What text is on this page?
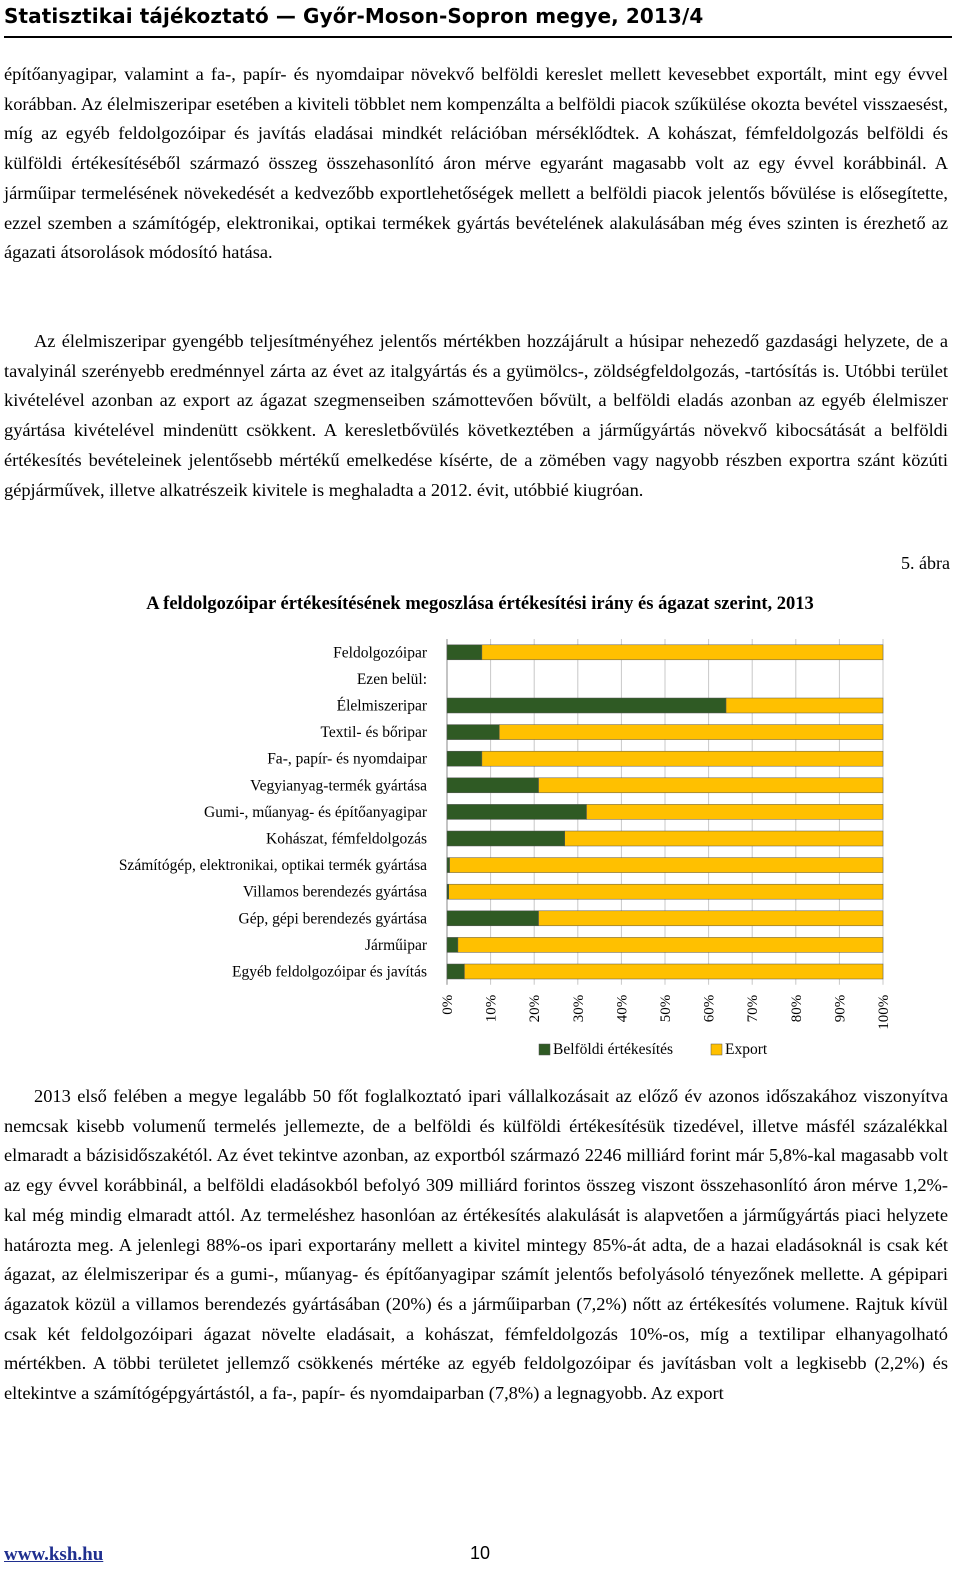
Statisztikai tájékoztató — Győr-Moson-Sopron megye, 2013/4
építőanyagipar, valamint a fa-, papír- és nyomdaipar növekvő belföldi kereslet mellett kevesebbet exportált, mint egy évvel korábban. Az élelmiszeripar esetében a kiviteli többlet nem kompenzálta a belföldi piacok szűkülése okozta bevétel visszaesést, míg az egyéb feldolgozóipar és javítás eladásai mindkét relációban mérséklődtek. A kohászat, fémfeldolgozás belföldi és külföldi értékesítéséből származó összeg összehasonlító áron mérve egyaránt magasabb volt az egy évvel korábbinál. A járműipar termelésének növekedését a kedvezőbb exportlehetőségek mellett a belföldi piacok jelentős bővülése is elősegítette, ezzel szemben a számítógép, elektronikai, optikai termékek gyártás bevételének alakulásában még éves szinten is érezhető az ágazati átsorolások módosító hatása.
Az élelmiszeripar gyengébb teljesítményéhez jelentős mértékben hozzájárult a húsipar nehezedő gazdasági helyzete, de a tavalyinál szerényebb eredménnyel zárta az évet az italgyártás és a gyümölcs-, zöldségfeldolgozás, -tartósítás is. Utóbbi terület kivételével azonban az export az ágazat szegmenseiben számottevően bővült, a belföldi eladás azonban az egyéb élelmiszer gyártása kivételével mindenütt csökkent. A keresletbővülés következtében a járműgyártás növekvő kibocsátását a belföldi értékesítés bevételeinek jelentősebb mértékű emelkedése kísérte, de a zömében vagy nagyobb részben exportra szánt közúti gépjárművek, illetve alkatrészeik kivitele is meghaladta a 2012. évit, utóbbié kiugróan.
5. ábra
A feldolgozóipar értékesítésének megoszlása értékesítési irány és ágazat szerint, 2013
Feldolgozóipar
Ezen belül:
Élelmiszeripar
Textil- és bőripar
Fa-, papír- és nyomdaipar
Vegyianyag-termék gyártása
Gumi-, műanyag- és építőanyagipar
Kohászat, fémfeldolgozás
Számítógép, elektronikai, optikai termék gyártása
Villamos berendezés gyártása
Gép, gépi berendezés gyártása
Járműipar
Egyéb feldolgozóipar és javítás
0% 10% 20% 30% 40% 50% 60% 70% 80% 90% 100%
Belföldi értékesítés	Export
2013 első felében a megye legalább 50 főt foglalkoztató ipari vállalkozásait az előző év azonos időszakához viszonyítva nemcsak kisebb volumenű termelés jellemezte, de a belföldi és külföldi értékesítésük tizedével, illetve másfél százalékkal elmaradt a bázisidőszakétól. Az évet tekintve azonban, az exportból származó 2246 milliárd forint már 5,8%-kal magasabb volt az egy évvel korábbinál, a belföldi eladásokból befolyó 309 milliárd forintos összeg viszont összehasonlító áron mérve 1,2%-kal még mindig elmaradt attól. Az termeléshez hasonlóan az értékesítés alakulását is alapvetően a járműgyártás piaci helyzete határozta meg. A jelenlegi 88%-os ipari exportarány mellett a kivitel mintegy 85%-át adta, de a hazai eladásoknál is csak két ágazat, az élelmiszeripar és a gumi-, műanyag- és építőanyagipar számít jelentős befolyásoló tényezőnek mellette. A gépipari ágazatok közül a villamos berendezés gyártásában (20%) és a járműiparban (7,2%) nőtt az értékesítés volumene. Rajtuk kívül csak két feldolgozóipari ágazat növelte eladásait, a kohászat, fémfeldolgozás 10%-os, míg a textilipar elhanyagolható mértékben. A többi területet jellemző csökkenés mértéke az egyéb feldolgozóipar és javításban volt a legkisebb (2,2%) és eltekintve a számítógépgyártástól, a fa-, papír- és nyomdaiparban (7,8%) a legnagyobb. Az export
www.ksh.hu	10
